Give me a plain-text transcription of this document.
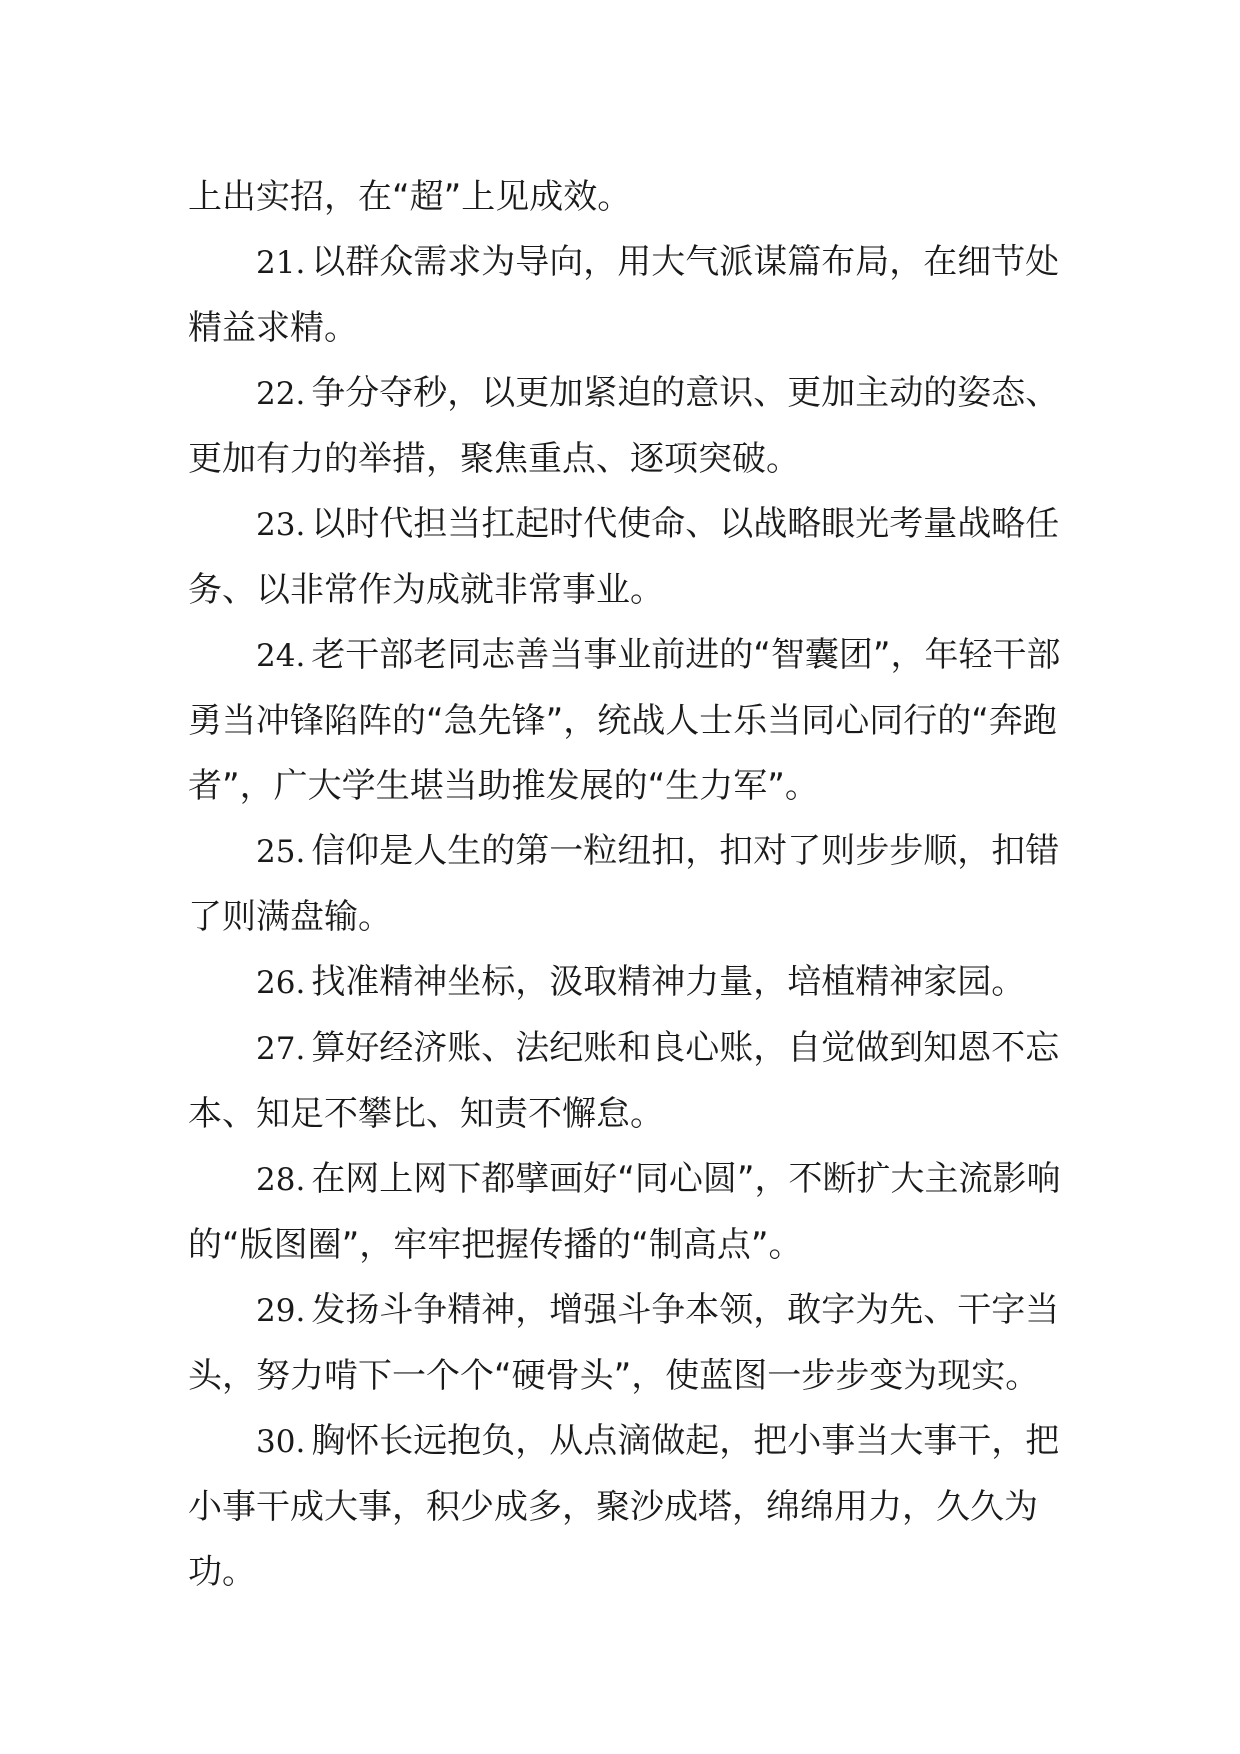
上出实招，在“超”上见成效。

21. 以群众需求为导向，用大气派谋篇布局，在细节处精益求精。

22. 争分夺秒，以更加紧迫的意识、更加主动的姿态、更加有力的举措，聚焦重点、逐项突破。

23. 以时代担当扛起时代使命、以战略眼光考量战略任务、以非常作为成就非常事业。

24. 老干部老同志善当事业前进的“智囊团”，年轻干部勇当冲锋陷阵的“急先锋”，统战人士乐当同心同行的“奔跑者”，广大学生堪当助推发展的“生力军”。

25. 信仰是人生的第一粒纽扣，扣对了则步步顺，扣错了则满盘输。

26. 找准精神坐标，汲取精神力量，培植精神家园。

27. 算好经济账、法纪账和良心账，自觉做到知恩不忘本、知足不攀比、知责不懈怠。

28. 在网上网下都擘画好“同心圆”，不断扩大主流影响的“版图圈”，牢牢把握传播的“制高点”。

29. 发扬斗争精神，增强斗争本领，敢字为先、干字当头，努力啃下一个个“硬骨头”，使蓝图一步步变为现实。

30. 胸怀长远抱负，从点滴做起，把小事当大事干，把小事干成大事，积少成多，聚沙成塔，绵绵用力，久久为功。
